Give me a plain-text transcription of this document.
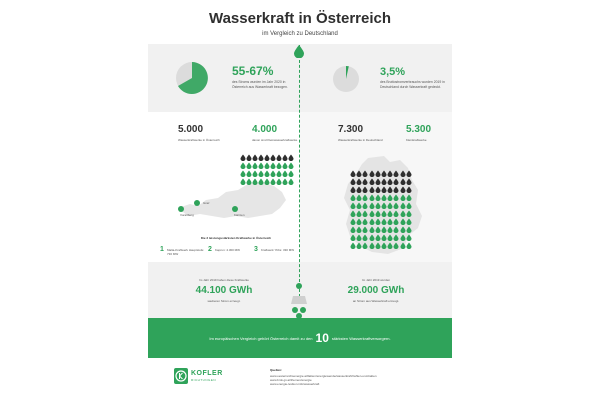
Wasserkraft in Österreich
im Vergleich zu Deutschland
55-67%
des Stroms wurden im Jahr 2020 in Österreich aus Wasserkraft bezogen.
3,5%
des Bruttostromverbrauchs wurden 2019 in Deutschland durch Wasserkraft gedeckt.
5.000
Wasserkraftwerke in Österreich
4.000
davon sind Kleinwasserkraftwerke
7.300
Wasserkraftwerke in Deutschland
5.300
Kleinkraftwerke
Graz
Vorarlberg	Kärnten
Die 3 leistungsstärksten Kraftwerke in Österreich
1 Malta-Kraftwerk Hauptstufe: 730 MW
2 Kaprun: 4.300 MW	3 Kraftwerk Ybbs: 330 MW
Im Jahr 2019 haben diese Kraftwerke
44.100 GWh
sauberen Strom erzeugt.
Im Jahr 2019 wurden
29.000 GWh
an Strom aus Wasserkraft erzeugt.
Im europäischen Vergleich gehört Österreich damit zu den 10 stärksten Wasserkraftversorgern.
KOFLER
RICHTUNGEN
Quellen:
www.oesterreichsenergie.at/fakten/energiewende/wasserkraft/zahlen-und-fakten
www.bmk.gv.at/themen/energie
www.energie-lexikon.info/wasserkraft
